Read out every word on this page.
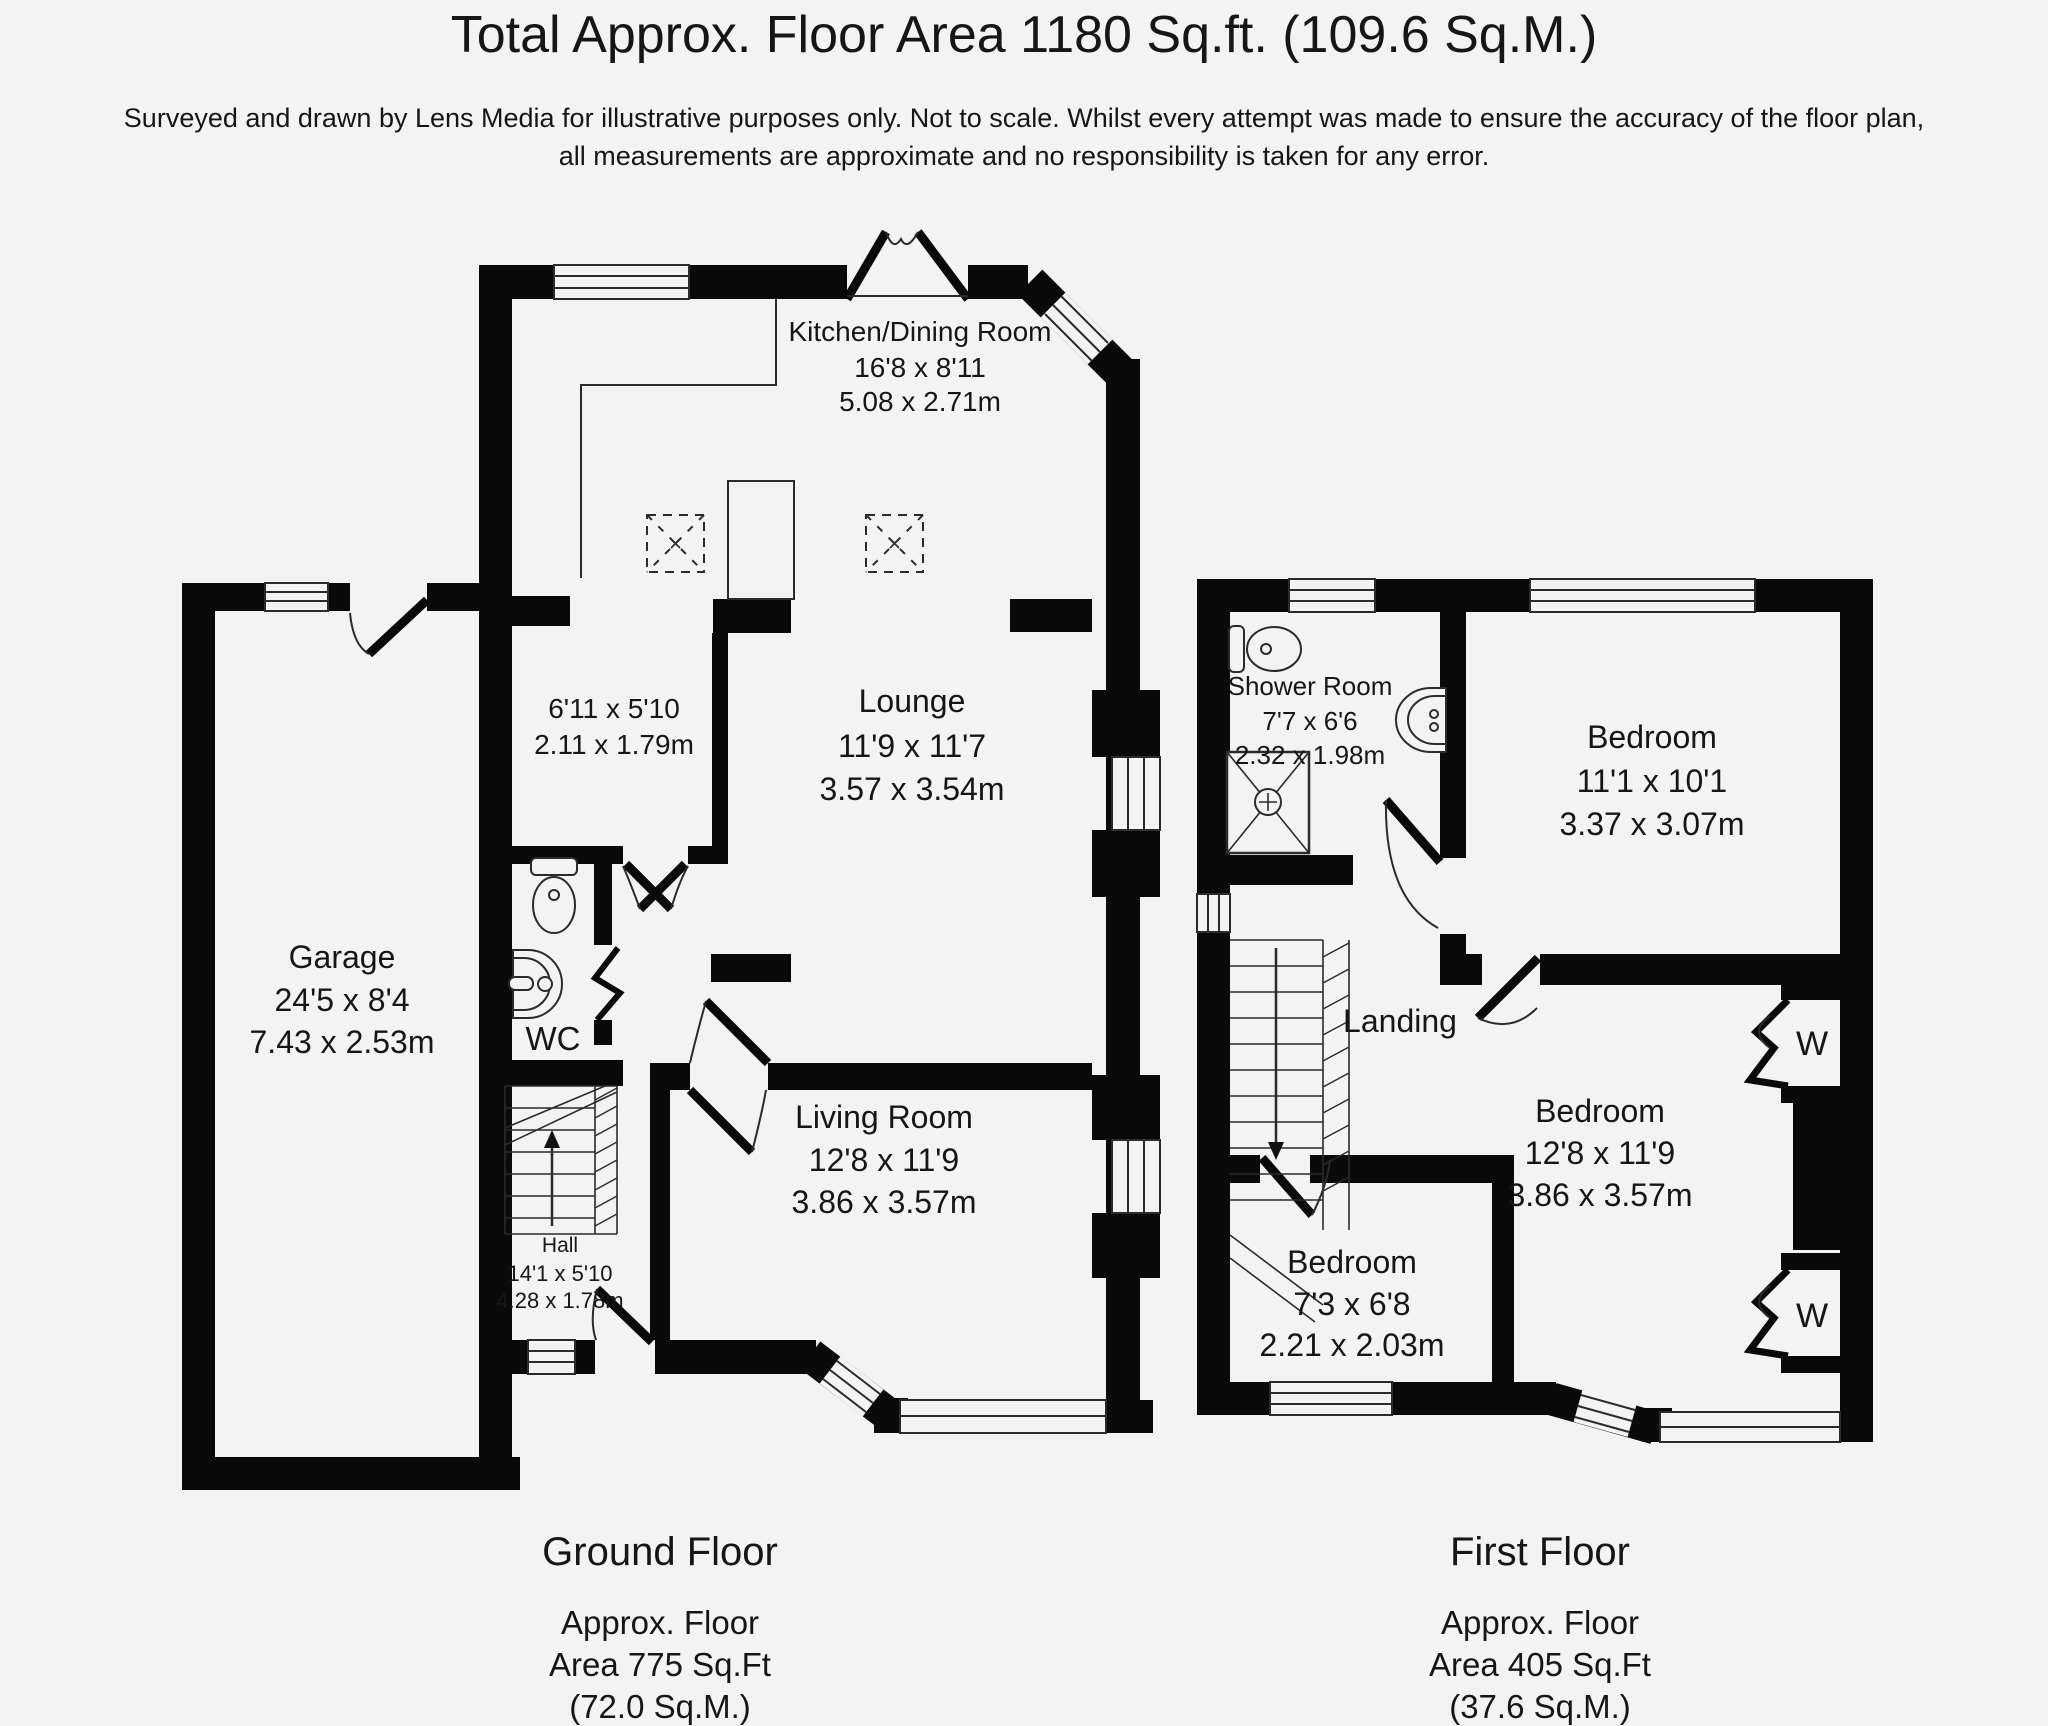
Total Approx. Floor Area 1180 Sq.ft. (109.6 Sq.M.)
Surveyed and drawn by Lens Media for illustrative purposes only. Not to scale. Whilst every attempt was made to ensure the accuracy of the floor plan,
all measurements are approximate and no responsibility is taken for any error.
Kitchen/Dining Room
16'8 x 8'11
5.08 x 2.71m
6'11 x 5'10
2.11 x 1.79m
Lounge
11'9 x 11'7
3.57 x 3.54m
Garage
24'5 x 8'4
7.43 x 2.53m	WC
Hall
14'1 x 5'10
4.28 x 1.78m
Living Room
12'8 x 11'9
3.86 x 3.57m
Ground Floor
Approx. Floor
Area 775 Sq.Ft
(72.0 Sq.M.)
Shower Room
7'7 x 6'6
2.32 x 1.98m	Bedroom
11'1 x 10'1
3.37 x 3.07m
Landing
Bedroom
12'8 x 11'9
3.86 x 3.57m
Bedroom
7'3 x 6'8
2.21 x 2.03m
W
W
First Floor
Approx. Floor
Area 405 Sq.Ft
(37.6 Sq.M.)
